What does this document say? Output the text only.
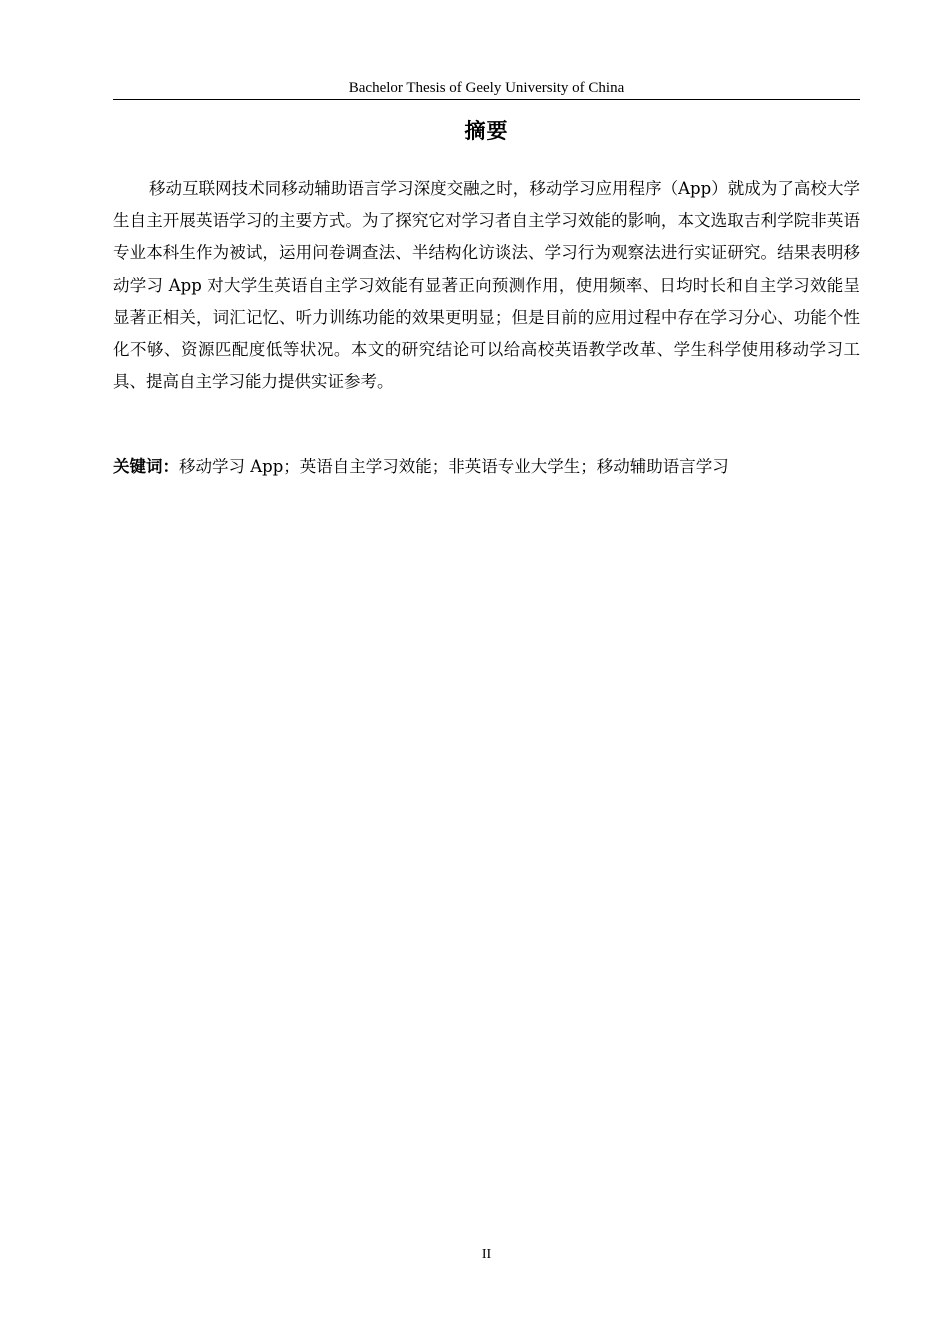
Bachelor Thesis of Geely University of China
摘要

移动互联网技术同移动辅助语言学习深度交融之时，移动学习应用程序（App）就成为了高校大学生自主开展英语学习的主要方式。为了探究它对学习者自主学习效能的影响，本文选取吉利学院非英语专业本科生作为被试，运用问卷调查法、半结构化访谈法、学习行为观察法进行实证研究。结果表明移动学习 App 对大学生英语自主学习效能有显著正向预测作用，使用频率、日均时长和自主学习效能呈显著正相关，词汇记忆、听力训练功能的效果更明显；但是目前的应用过程中存在学习分心、功能个性化不够、资源匹配度低等状况。本文的研究结论可以给高校英语教学改革、学生科学使用移动学习工具、提高自主学习能力提供实证参考。

关键词：移动学习 App；英语自主学习效能；非英语专业大学生；移动辅助语言学习
II
